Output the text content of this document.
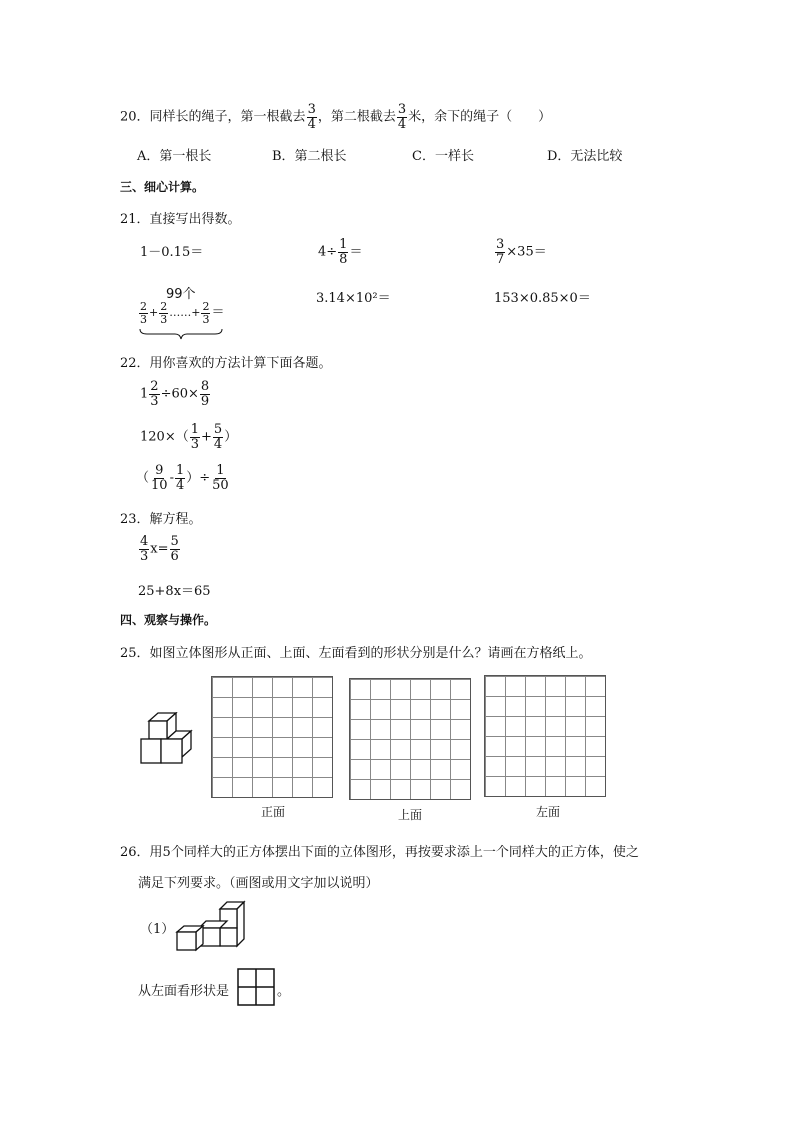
20．同样长的绳子，第一根截去 $\frac{3}{4}$ ，第二根截去 $\frac{3}{4}$ 米，余下的绳子（　　）
A．第一根长	B．第二根长	C．一样长	D．无法比较
三、细心计算。
21．直接写出得数。
1－0.15＝	$4\div \frac{1}{8}$ ＝	$\frac{3}{7} \times 35=$
99个
$\frac{2}{3} + \frac{2}{3}$ ……+ $\frac{2}{3}$ ＝
3.14×10²＝	153×0.85×0＝
22．用你喜欢的方法计算下面各题。
$1 \frac{2}{3} \div 60\times \frac{8}{9}$
$120\times( \frac{1}{3} + \frac{5}{4}$ ）
（ $\frac{9}{10} - \frac{1}{4}$ ）÷ $\frac{1}{50}$
23．解方程。
$\frac{4}{3} x= \frac{5}{6}$
25+8x＝65
四、观察与操作。
25．如图立体图形从正面、上面、左面看到的形状分别是什么？请画在方格纸上。
正面	上面	左面
26．用5个同样大的正方体摆出下面的立体图形，再按要求添上一个同样大的正方体，使之
满足下列要求。（画图或用文字加以说明）
（1）
从左面看形状是	。
